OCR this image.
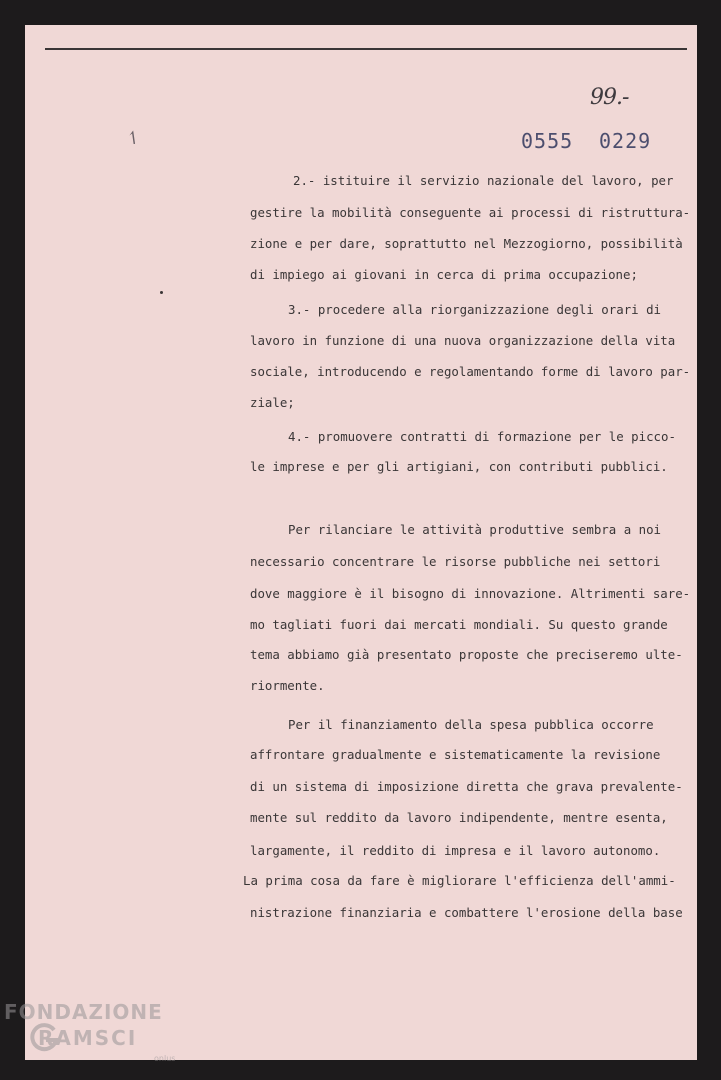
99.-
0555 0229
↿
2.- istituire il servizio nazionale del lavoro, per
gestire la mobilità conseguente ai processi di ristruttura-
zione e per dare, soprattutto nel Mezzogiorno, possibilità
di impiego ai giovani in cerca di prima occupazione;
3.- procedere alla riorganizzazione degli orari di
lavoro in funzione di una nuova organizzazione della vita
sociale, introducendo e regolamentando forme di lavoro par-
ziale;
4.- promuovere contratti di formazione per le picco-
le imprese e per gli artigiani, con contributi pubblici.
Per rilanciare le attività produttive sembra a noi
necessario concentrare le risorse pubbliche nei settori
dove maggiore è il bisogno di innovazione. Altrimenti sare-
mo tagliati fuori dai mercati mondiali. Su questo grande
tema abbiamo già presentato proposte che preciseremo ulte-
riormente.
Per il finanziamento della spesa pubblica occorre
affrontare gradualmente e sistematicamente la revisione
di un sistema di imposizione diretta che grava prevalente-
mente sul reddito da lavoro indipendente, mentre esenta,
largamente, il reddito di impresa e il lavoro autonomo.
La prima cosa da fare è migliorare l'efficienza dell'ammi-
nistrazione finanziaria e combattere l'erosione della base
FONDAZIONE
RAMSCI
onlus
